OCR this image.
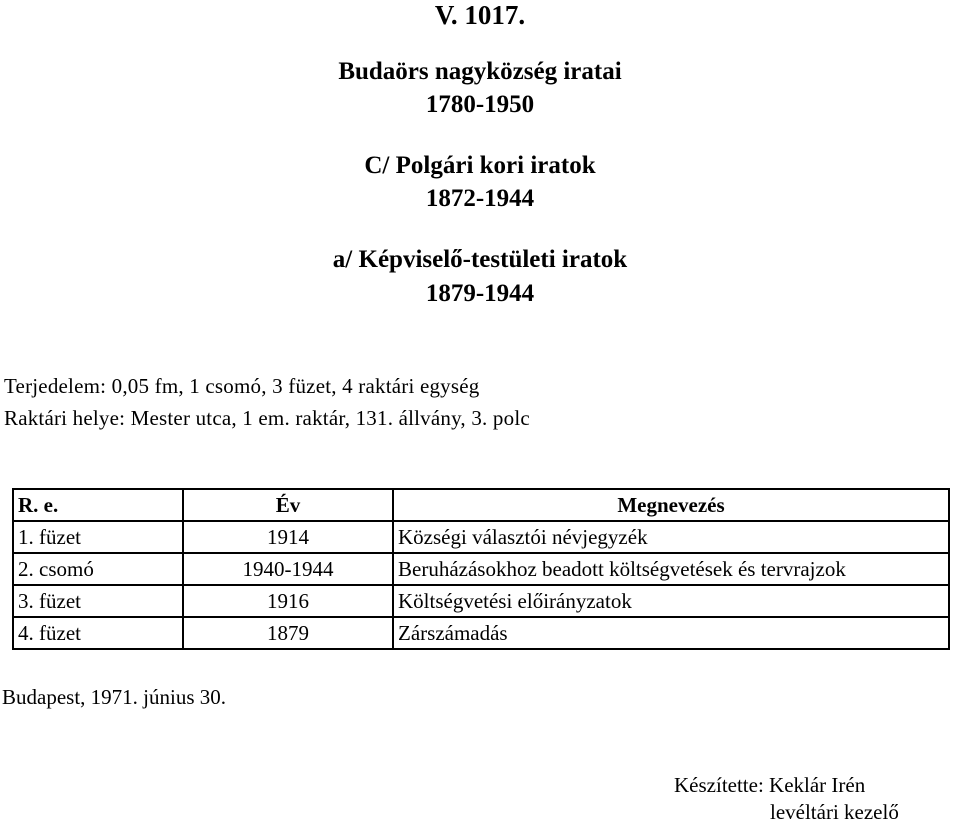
V. 1017.
Budaörs nagyközség iratai
1780-1950
C/ Polgári kori iratok
1872-1944
a/ Képviselő-testületi iratok
1879-1944
Terjedelem: 0,05 fm, 1 csomó, 3 füzet, 4 raktári egység
Raktári helye: Mester utca, 1 em. raktár, 131. állvány, 3. polc
R. e.	Év	Megnevezés
1. füzet	1914	Községi választói névjegyzék
2. csomó	1940-1944	Beruházásokhoz beadott költségvetések és tervrajzok
3. füzet	1916	Költségvetési előirányzatok
4. füzet	1879	Zárszámadás
Budapest, 1971. június 30.
Készítette: Keklár Irén
levéltári kezelő
